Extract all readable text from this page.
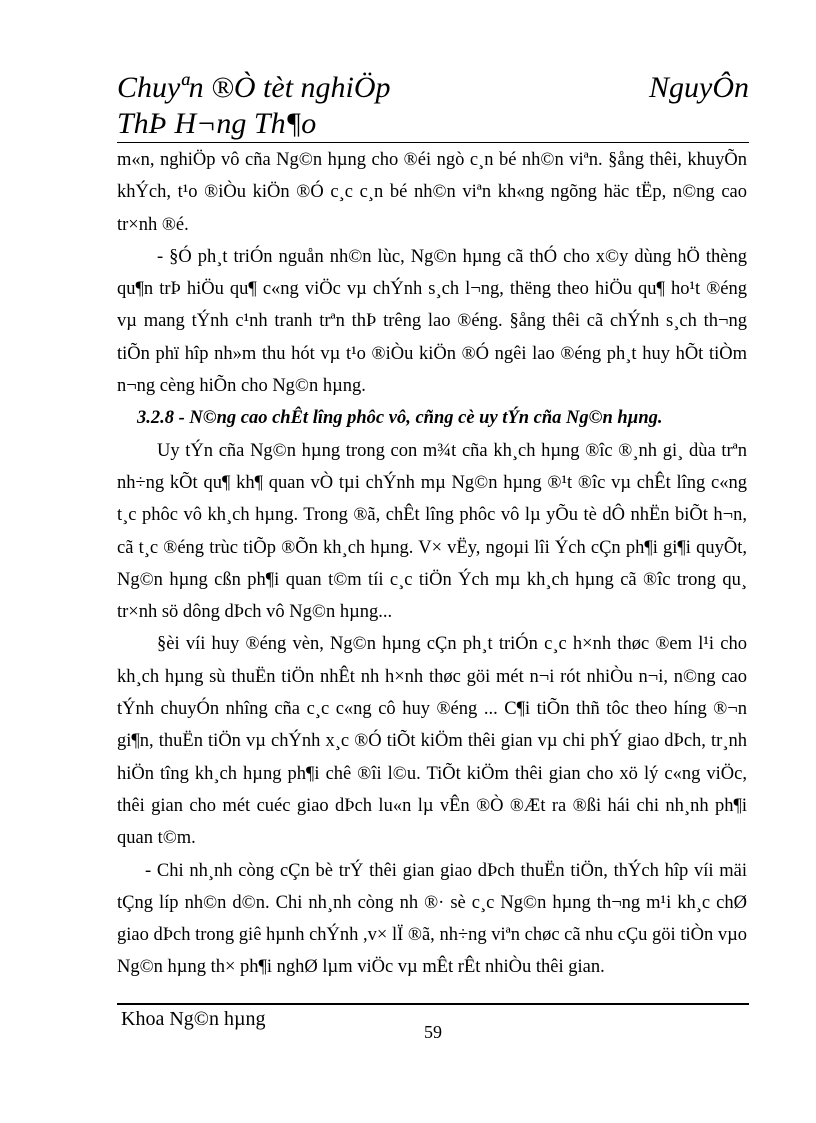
Chuyªn ®Ò tèt nghiÖp	NguyÔn
ThÞ H¬ng Th¶o

m«n, nghiÖp vô cña Ng©n hµng cho ®éi ngò c¸n bé nh©n viªn. §ång thêi, khuyÕn khÝch, t¹o ®iÒu kiÖn ®Ó c¸c c¸n bé nh©n viªn kh«ng ngõng häc tËp, n©ng cao tr×nh ®é.

- §Ó ph¸t triÓn nguån nh©n lùc, Ng©n hµng cã thÓ cho x©y dùng hÖ thèng qu¶n trÞ hiÖu qu¶ c«ng viÖc vµ chÝnh s¸ch l¬ng, thëng theo hiÖu qu¶ ho¹t ®éng vµ mang tÝnh c¹nh tranh trªn thÞ trêng lao ®éng. §ång thêi cã chÝnh s¸ch th¬ng tiÕn phï hîp nh»m thu hót vµ t¹o ®iÒu kiÖn ®Ó ngêi lao ®éng ph¸t huy hÕt tiÒm n¬ng cèng hiÕn cho Ng©n hµng.

3.2.8 - N©ng cao chÊt lîng phôc vô, cñng cè uy tÝn cña Ng©n hµng.

Uy tÝn cña Ng©n hµng trong con m¾t cña kh¸ch hµng ®îc ®¸nh gi¸ dùa trªn nh÷ng kÕt qu¶ kh¶ quan vÒ tµi chÝnh mµ Ng©n hµng ®¹t ®îc vµ chÊt lîng c«ng t¸c phôc vô kh¸ch hµng. Trong ®ã, chÊt lîng phôc vô lµ yÕu tè dÔ nhËn biÕt h¬n, cã t¸c ®éng trùc tiÕp ®Õn kh¸ch hµng. V× vËy, ngoµi lîi Ých cÇn ph¶i gi¶i quyÕt, Ng©n hµng cßn ph¶i quan t©m tíi c¸c tiÖn Ých mµ kh¸ch hµng cã ®îc trong qu¸ tr×nh sö dông dÞch vô Ng©n hµng...

§èi víi huy ®éng vèn, Ng©n hµng cÇn ph¸t triÓn c¸c h×nh thøc ®em l¹i cho kh¸ch hµng sù thuËn tiÖn nhÊt nh h×nh thøc göi mét n¬i rót nhiÒu n¬i, n©ng cao tÝnh chuyÓn nhîng cña c¸c c«ng cô huy ®éng ... C¶i tiÕn thñ tôc theo híng ®¬n gi¶n, thuËn tiÖn vµ chÝnh x¸c ®Ó tiÕt kiÖm thêi gian vµ chi phÝ giao dÞch, tr¸nh hiÖn tîng kh¸ch hµng ph¶i chê ®îi l©u. TiÕt kiÖm thêi gian cho xö lý c«ng viÖc, thêi gian cho mét cuéc giao dÞch lu«n lµ vÊn ®Ò ®Æt ra ®ßi hái chi nh¸nh ph¶i quan t©m.

- Chi nh¸nh còng cÇn bè trÝ thêi gian giao dÞch thuËn tiÖn, thÝch hîp víi mäi tÇng líp nh©n d©n. Chi nh¸nh còng nh ®· sè c¸c Ng©n hµng th¬ng m¹i kh¸c chØ giao dÞch trong giê hµnh chÝnh ,v× lÏ ®ã, nh÷ng viªn chøc cã nhu cÇu göi tiÒn vµo Ng©n hµng th× ph¶i nghØ lµm viÖc vµ mÊt rÊt nhiÒu thêi gian.

Khoa Ng©n hµng
59
